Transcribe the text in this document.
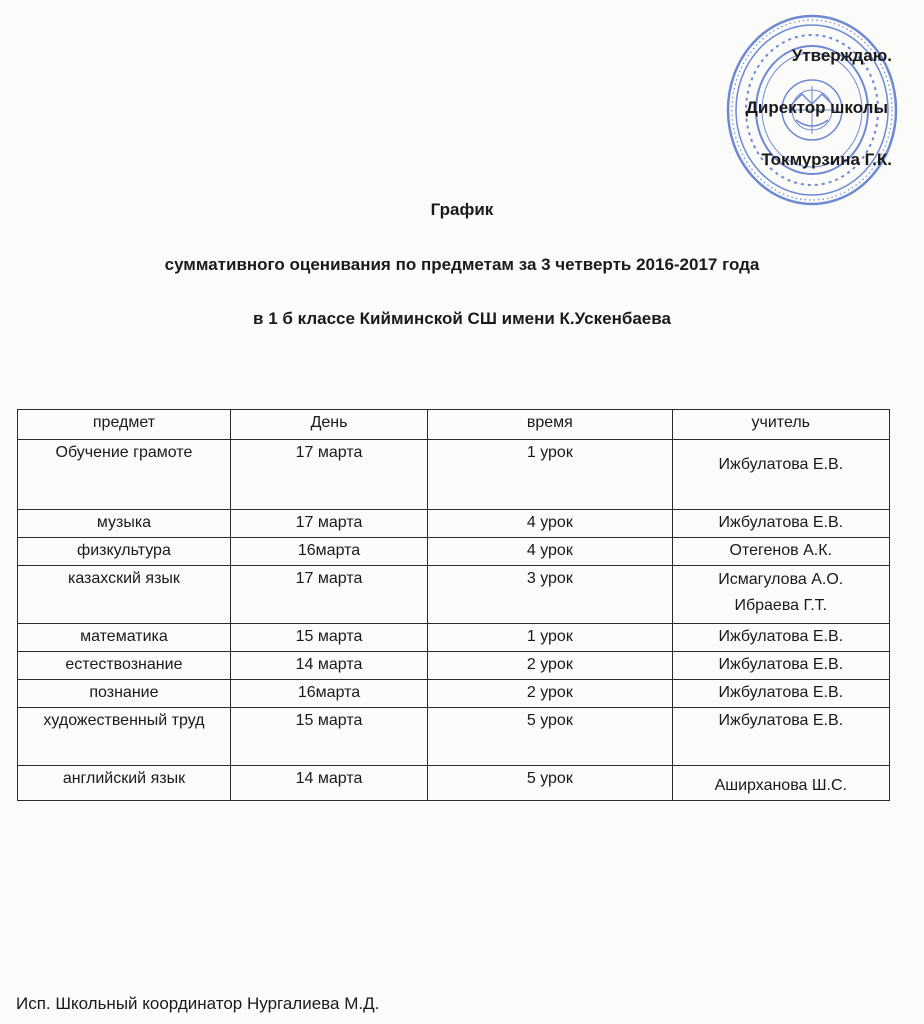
Утверждаю.
Директор школы
Токмурзина Г.К.
График
суммативного оценивания по предметам за 3 четверть 2016-2017 года
в 1 б классе Кийминской СШ имени К.Ускенбаева
предмет	День	время	учитель
Обучение грамоте	17 марта	1 урок	Ижбулатова Е.В.
музыка	17 марта	4 урок	Ижбулатова Е.В.
физкультура	16марта	4 урок	Отегенов А.К.
казахский язык	17 марта	3 урок	Исмагулова А.О.
Ибраева Г.Т.

математика	15 марта	1 урок	Ижбулатова Е.В.
естествознание	14 марта	2 урок	Ижбулатова Е.В.
познание	16марта	2 урок	Ижбулатова Е.В.
художественный труд	15 марта	5 урок	Ижбулатова Е.В.
английский язык	14 марта	5 урок	Аширханова Ш.С.
Исп. Школьный координатор Нургалиева М.Д.
